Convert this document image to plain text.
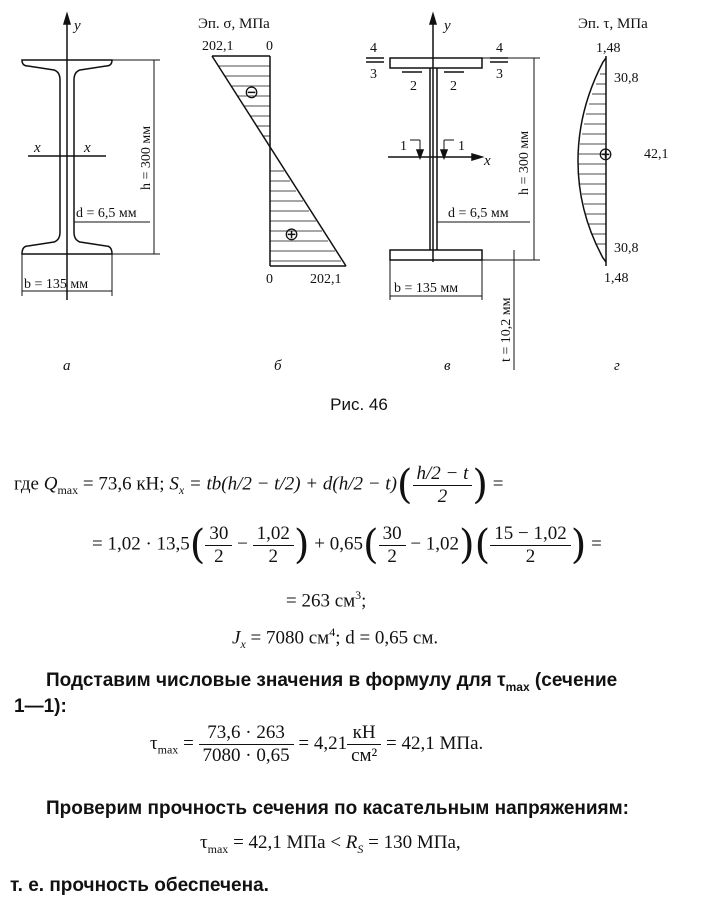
y
x	x	h = 300 мм
d = 6,5 мм
b = 135 мм
а
Эп. σ, МПа
202,1 0
0	202,1
⊖
⊕
б
y
x
4
3
4
3
2 2
1	1	h = 300 мм
d = 6,5 мм
b = 135 мм
t = 10,2 мм
в
Эп. τ, МПа
1,48
30,8
42,1
30,8
1,48
⊕
г
Рис. 46
где $Q_{max} = 73,6$ кН; $S_x = tb(h/2 - t/2) + d(h/2 - t)( \frac{h/2 - t}{2}$ ) =
= $1,02 \cdot 13,5( \frac{30}{2} - \frac{1,02}{2}$ ) + $0,65( \frac{30}{2} - 1,02)( \frac{15 - 1,02}{2}$ ) =
= 263 $см^3$;
$J_x = 7080$ $см^4$; d = 0,65 см.
Подставим числовые значения в формулу для $\tau_{max}$ (сечение
1—1):
$\tau_{max} = \frac{73,6 \cdot 263}{7080 \cdot 0,65} = 4,21 \frac{кН}{\text{см²}} = 42,1$ МПа.
Проверим прочность сечения по касательным напряжениям:
$\tau_{max} = 42,1$ МПа < $R_S = 130$ МПа,
т. е. прочность обеспечена.
